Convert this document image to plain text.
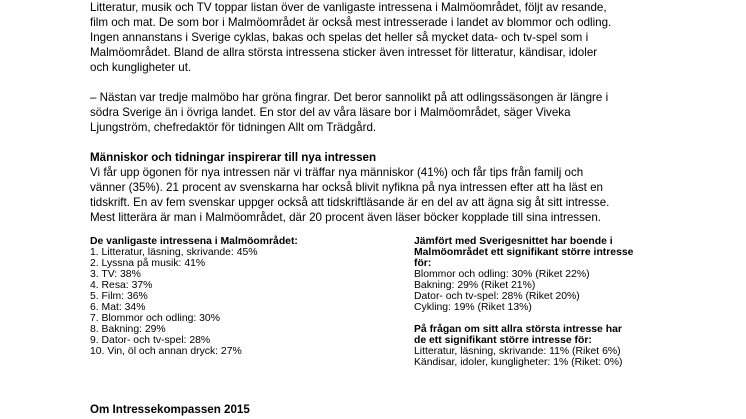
Litteratur, musik och TV toppar listan över de vanligaste intressena i Malmöområdet, följt av resande,

film och mat. De som bor i Malmöområdet är också mest intresserade i landet av blommor och odling.

Ingen annanstans i Sverige cyklas, bakas och spelas det heller så mycket data- och tv-spel som i

Malmöområdet. Bland de allra största intressena sticker även intresset för litteratur, kändisar, idoler

och kungligheter ut.

– Nästan var tredje malmöbo har gröna fingrar. Det beror sannolikt på att odlingssäsongen är längre i

södra Sverige än i övriga landet. En stor del av våra läsare bor i Malmöområdet, säger Viveka

Ljungström, chefredaktör för tidningen Allt om Trädgård.

Människor och tidningar inspirerar till nya intressen

Vi får upp ögonen för nya intressen när vi träffar nya människor (41%) och får tips från familj och

vänner (35%). 21 procent av svenskarna har också blivit nyfikna på nya intressen efter att ha läst en

tidskrift. En av fem svenskar uppger också att tidskriftläsande är en del av att ägna sig åt sitt intresse.

Mest litterära är man i Malmöområdet, där 20 procent även läser böcker kopplade till sina intressen.

De vanligaste intressena i Malmöområdet:
1. Litteratur, läsning, skrivande: 45%
2. Lyssna på musik: 41%
3. TV: 38%
4. Resa: 37%
5. Film: 36%
6. Mat: 34%
7. Blommor och odling: 30%
8. Bakning: 29%
9. Dator- och tv-spel: 28%
10. Vin, öl och annan dryck: 27%
Jämfört med Sverigesnittet har boende i
Malmöområdet ett signifikant större intresse
för:
Blommor och odling: 30% (Riket 22%)
Bakning: 29% (Riket 21%)
Dator- och tv-spel: 28% (Riket 20%)
Cykling: 19% (Riket 13%)
På frågan om sitt allra största intresse har
de ett signifikant större intresse för:
Litteratur, läsning, skrivande: 11% (Riket 6%)
Kändisar, idoler, kungligheter: 1% (Riket: 0%)

Om Intressekompassen 2015
